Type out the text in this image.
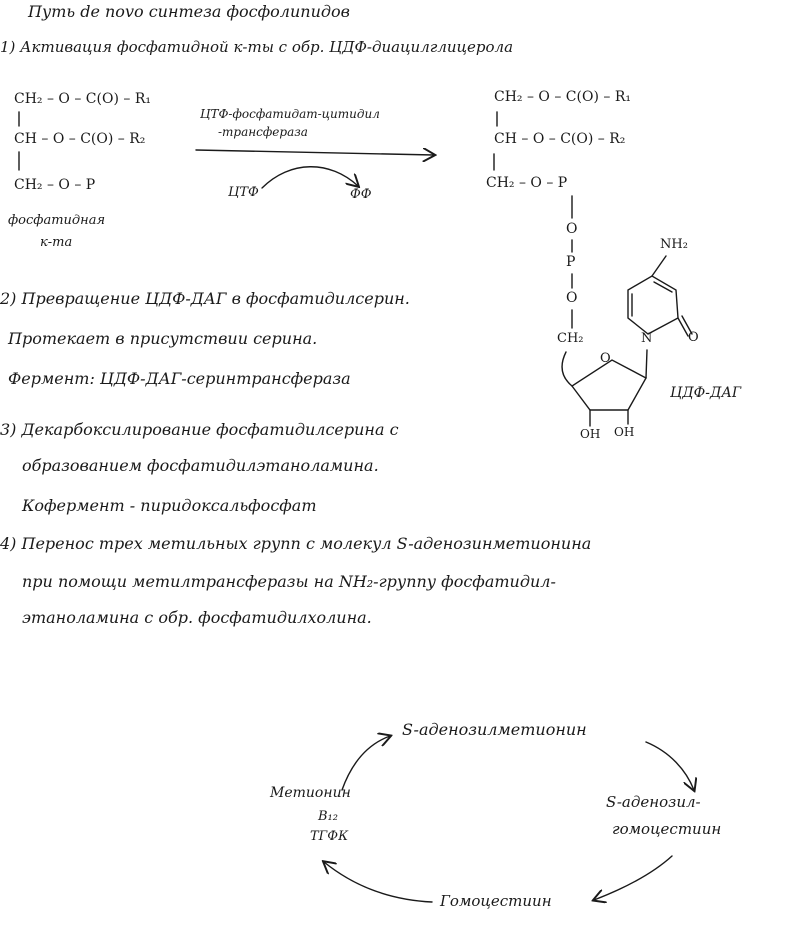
Путь de novo синтеза фосфолипидов
1) Активация фосфатидной к-ты с обр. ЦДФ-диацилглицерола
CH₂ – O – C(O) – R₁
CH – O – C(O) – R₂
CH₂ – O – P
фосфатидная
к-та
ЦТФ-фосфатидат-цитидил
-трансфераза
ЦТФ	ФФ
CH₂ – O – C(O) – R₁
CH – O – C(O) – R₂
CH₂ – O – P
O
P
O
CH₂
O
OH OH
NH₂
N	O
ЦДФ-ДАГ
2) Превращение ЦДФ-ДАГ в фосфатидилсерин.
Протекает в присутствии серина.
Фермент: ЦДФ-ДАГ-серинтрансфераза
3) Декарбоксилирование фосфатидилсерина с
образованием фосфатидилэтаноламина.
Кофермент - пиридоксальфосфат
4) Перенос трех метильных групп с молекул S-аденозинметионина
при помощи метилтрансферазы на NH₂-группу фосфатидил-
этаноламина с обр. фосфатидилхолина.
S-аденозилметионин
S-аденозил-
гомоцестиин
Гомоцестиин
Метионин
B₁₂
ТГФК
